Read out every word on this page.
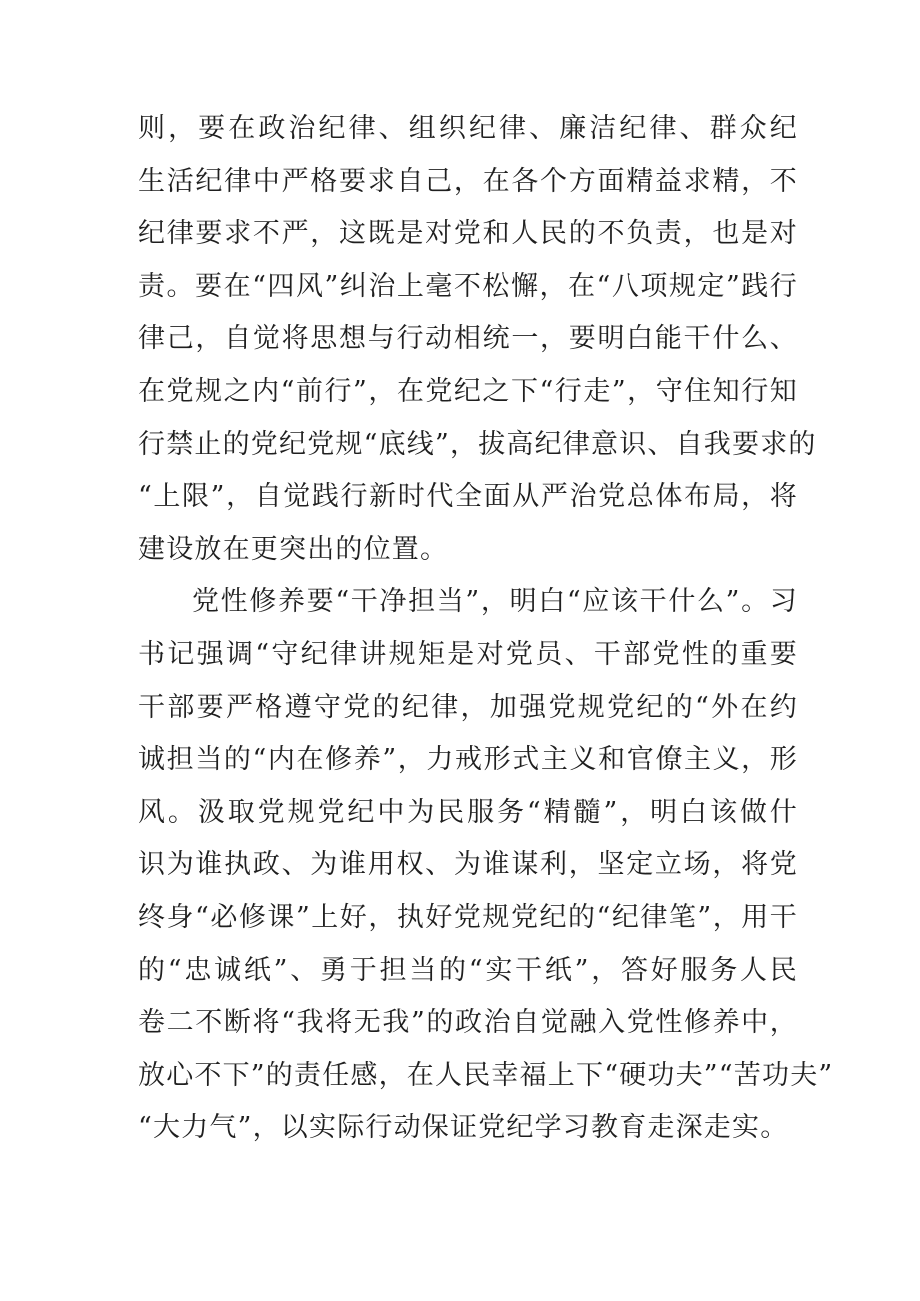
则，要在政治纪律、组织纪律、廉洁纪律、群众纪
生活纪律中严格要求自己，在各个方面精益求精，不
纪律要求不严，这既是对党和人民的不负责，也是对
责。要在“四风”纠治上毫不松懈，在“八项规定”践行
律己，自觉将思想与行动相统一，要明白能干什么、
在党规之内“前行”，在党纪之下“行走”，守住知行知
行禁止的党纪党规“底线”，拔高纪律意识、自我要求的
“上限”，自觉践行新时代全面从严治党总体布局，将
建设放在更突出的位置。
党性修养要“干净担当”，明白“应该干什么”。习
书记强调“守纪律讲规矩是对党员、干部党性的重要
干部要严格遵守党的纪律，加强党规党纪的“外在约
诚担当的“内在修养”，力戒形式主义和官僚主义，形
风。汲取党规党纪中为民服务“精髓”，明白该做什
识为谁执政、为谁用权、为谁谋利，坚定立场，将党
终身“必修课”上好，执好党规党纪的“纪律笔”，用干
的“忠诚纸”、勇于担当的“实干纸”，答好服务人民
卷二不断将“我将无我”的政治自觉融入党性修养中，
放心不下”的责任感，在人民幸福上下“硬功夫”“苦功夫”
“大力气”，以实际行动保证党纪学习教育走深走实。
